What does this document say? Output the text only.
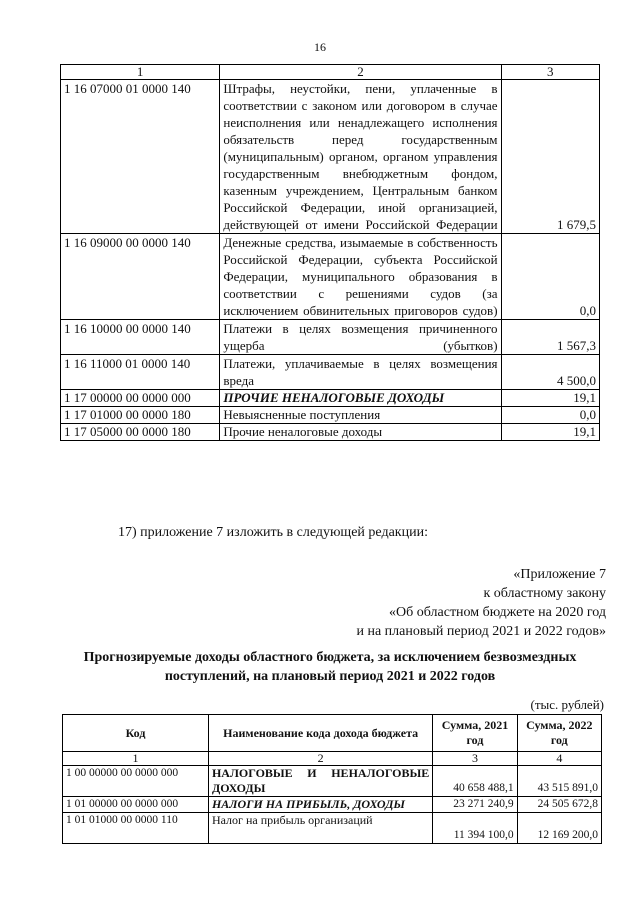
16
1	2	3
1 16 07000 01 0000 140	Штрафы, неустойки, пени, уплаченные в соответствии с законом или договором в случае неисполнения или ненадлежащего исполнения обязательств перед государственным (муниципальным) органом, органом управления государственным внебюджетным фондом, казенным учреждением, Центральным банком Российской Федерации, иной организацией, действующей от имени Российской Федерации	1 679,5
1 16 09000 00 0000 140	Денежные средства, изымаемые в собственность Российской Федерации, субъекта Российской Федерации, муниципального образования в соответствии с решениями судов (за исключением обвинительных приговоров судов)	0,0
1 16 10000 00 0000 140	Платежи в целях возмещения причиненного ущерба (убытков)	1 567,3
1 16 11000 01 0000 140	Платежи, уплачиваемые в целях возмещения вреда	4 500,0
1 17 00000 00 0000 000	ПРОЧИЕ НЕНАЛОГОВЫЕ ДОХОДЫ	19,1
1 17 01000 00 0000 180	Невыясненные поступления	0,0
1 17 05000 00 0000 180	Прочие неналоговые доходы	19,1
17) приложение 7 изложить в следующей редакции:
«Приложение 7
к областному закону
«Об областном бюджете на 2020 год
и на плановый период 2021 и 2022 годов»
Прогнозируемые доходы областного бюджета, за исключением безвозмездных поступлений, на плановый период 2021 и 2022 годов
(тыс. рублей)
Код	Наименование кода дохода бюджета	Сумма, 2021 год	Сумма, 2022 год
1	2	3	4
1 00 00000 00 0000 000	НАЛОГОВЫЕ И НЕНАЛОГОВЫЕ ДОХОДЫ	40 658 488,1	43 515 891,0
1 01 00000 00 0000 000	НАЛОГИ НА ПРИБЫЛЬ, ДОХОДЫ	23 271 240,9	24 505 672,8
1 01 01000 00 0000 110	Налог на прибыль организаций	11 394 100,0	12 169 200,0
